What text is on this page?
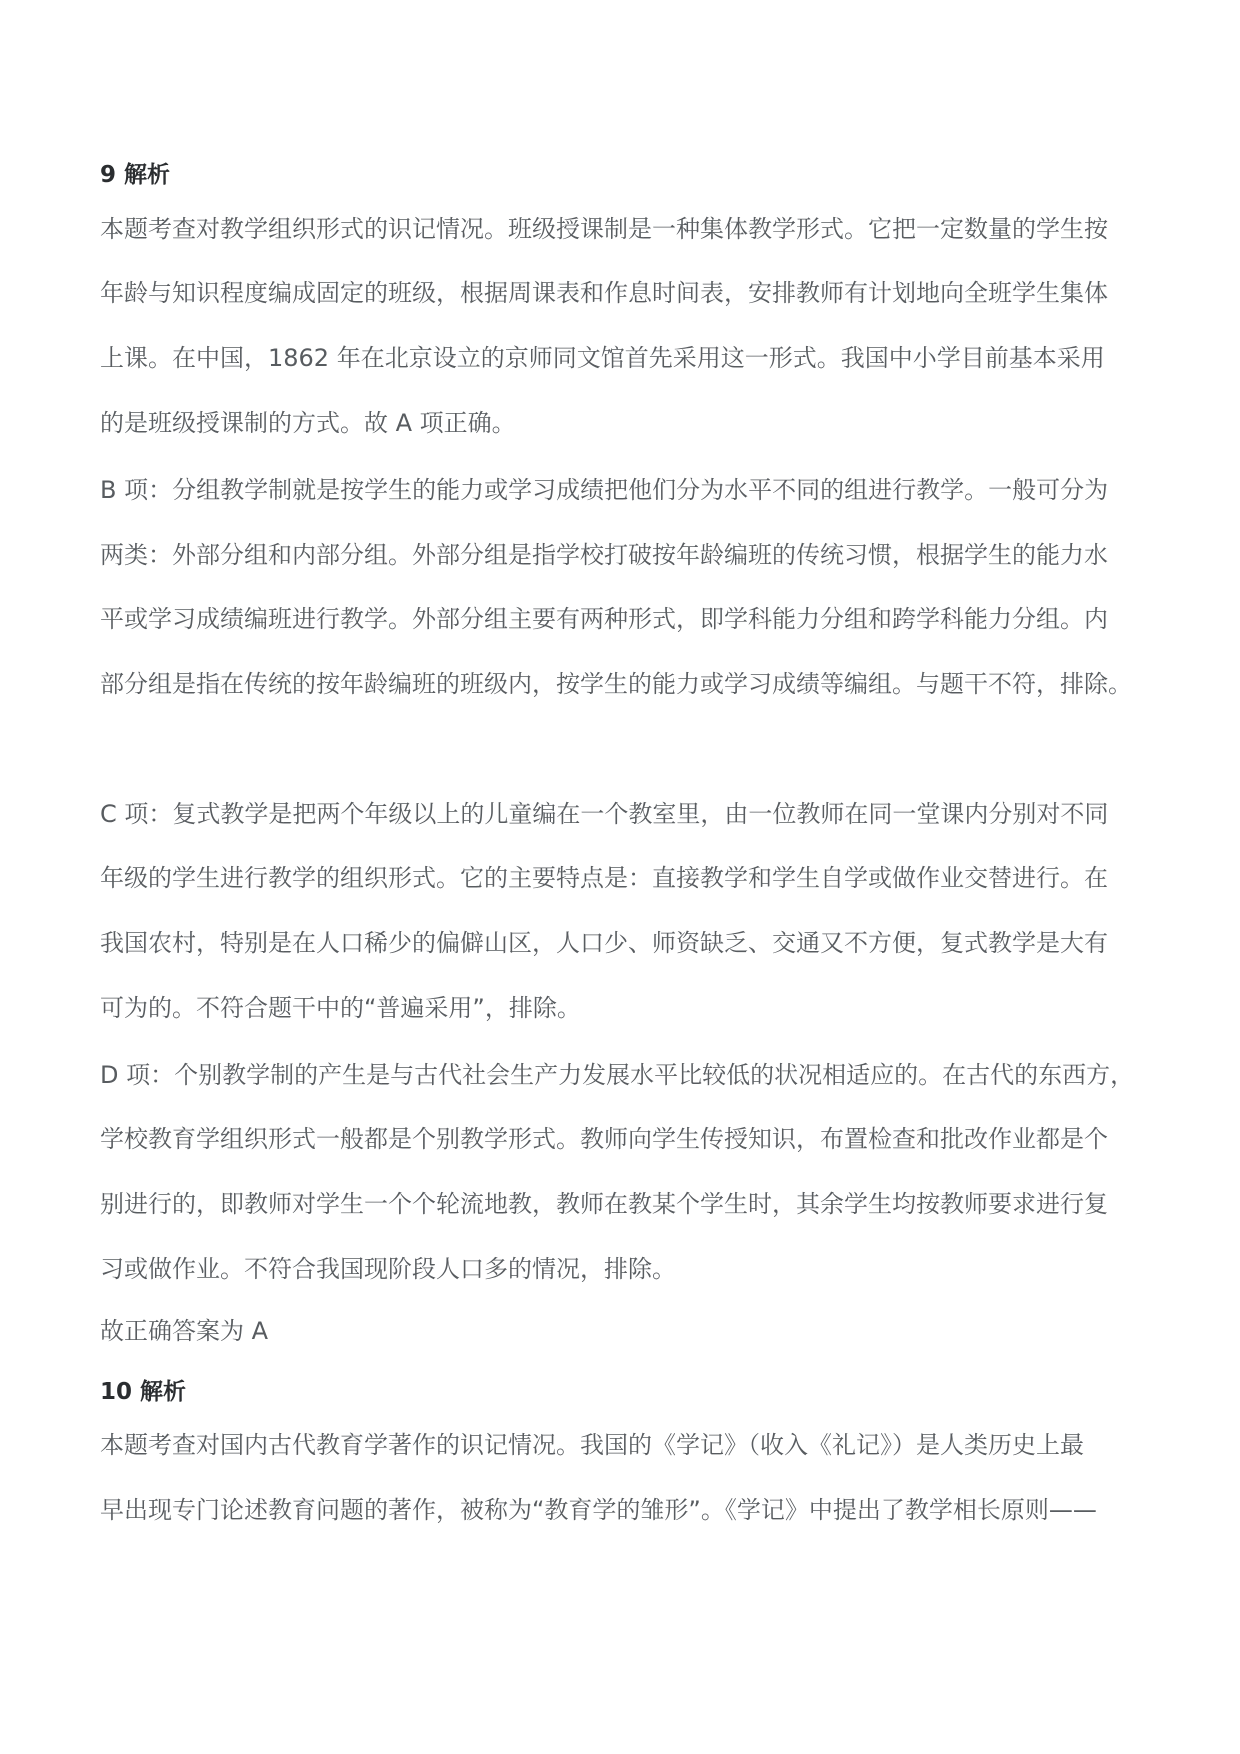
9 解析
本题考查对教学组织形式的识记情况。班级授课制是一种集体教学形式。它把一定数量的学生按
年龄与知识程度编成固定的班级，根据周课表和作息时间表，安排教师有计划地向全班学生集体
上课。在中国，1862 年在北京设立的京师同文馆首先采用这一形式。我国中小学目前基本采用
的是班级授课制的方式。故 A 项正确。
B 项：分组教学制就是按学生的能力或学习成绩把他们分为水平不同的组进行教学。一般可分为
两类：外部分组和内部分组。外部分组是指学校打破按年龄编班的传统习惯，根据学生的能力水
平或学习成绩编班进行教学。外部分组主要有两种形式，即学科能力分组和跨学科能力分组。内
部分组是指在传统的按年龄编班的班级内，按学生的能力或学习成绩等编组。与题干不符，排除。
C 项：复式教学是把两个年级以上的儿童编在一个教室里，由一位教师在同一堂课内分别对不同
年级的学生进行教学的组织形式。它的主要特点是：直接教学和学生自学或做作业交替进行。在
我国农村，特别是在人口稀少的偏僻山区，人口少、师资缺乏、交通又不方便，复式教学是大有
可为的。不符合题干中的“普遍采用”，排除。
D 项：个别教学制的产生是与古代社会生产力发展水平比较低的状况相适应的。在古代的东西方，
学校教育学组织形式一般都是个别教学形式。教师向学生传授知识，布置检查和批改作业都是个
别进行的，即教师对学生一个个轮流地教，教师在教某个学生时，其余学生均按教师要求进行复
习或做作业。不符合我国现阶段人口多的情况，排除。
故正确答案为 A
10 解析
本题考查对国内古代教育学著作的识记情况。我国的《学记》（收入《礼记》）是人类历史上最
早出现专门论述教育问题的著作，被称为“教育学的雏形”。《学记》中提出了教学相长原则——
